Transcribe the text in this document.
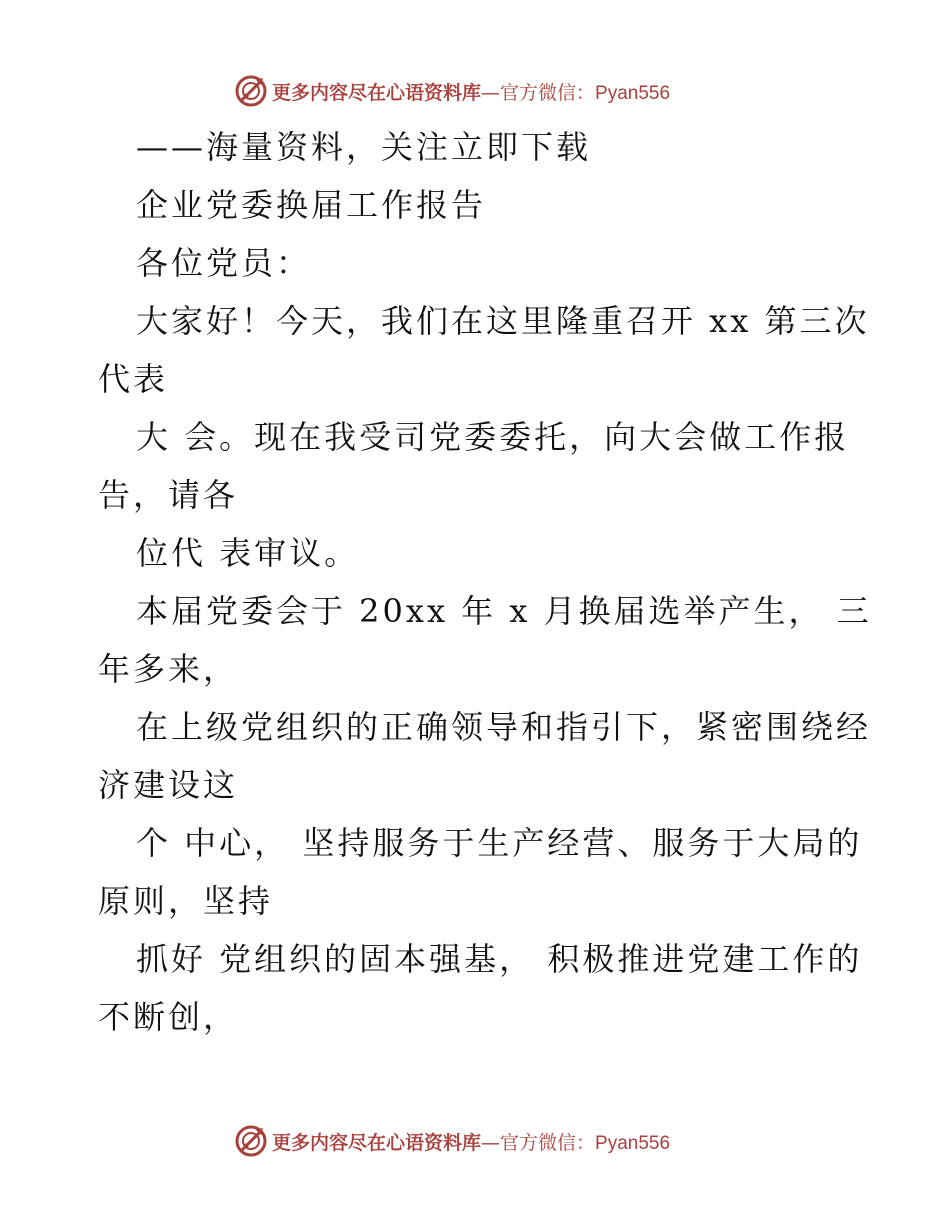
更多内容尽在心语资料库—官方微信：Pyan556
——海量资料，关注立即下载
企业党委换届工作报告
各位党员：
大家好！今天，我们在这里隆重召开 xx 第三次
代表
大 会。现在我受司党委委托，向大会做工作报
告，请各
位代 表审议。
本届党委会于 20xx 年 x 月换届选举产生， 三
年多来，
在上级党组织的正确领导和指引下，紧密围绕经
济建设这
个 中心， 坚持服务于生产经营、服务于大局的
原则，坚持
抓好 党组织的固本强基， 积极推进党建工作的
不断创，
更多内容尽在心语资料库—官方微信：Pyan556
